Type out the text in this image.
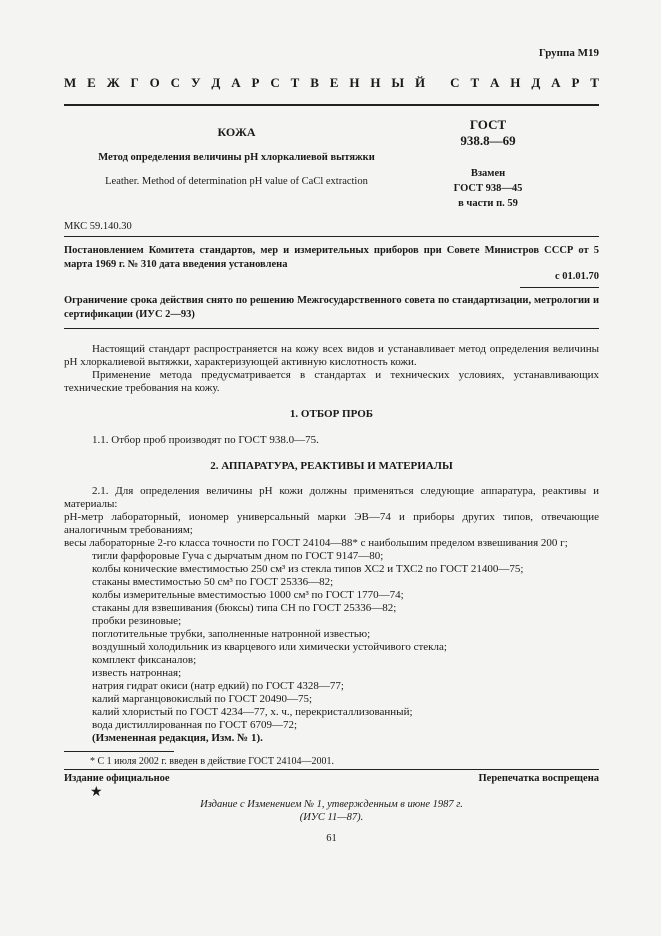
Группа М19
М Е Ж Г О С У Д А Р С Т В Е Н Н Ы Й
С Т А Н Д А Р Т
КОЖА
Метод определения величины pH хлоркалиевой вытяжки
Leather. Method of determination pH value of CaCl extraction
ГОСТ
938.8—69
Взамен
ГОСТ 938—45
в части п. 59
МКС 59.140.30
Постановлением Комитета стандартов, мер и измерительных приборов при Совете Министров СССР от 5 марта 1969 г. № 310 дата введения установлена
с 01.01.70
Ограничение срока действия снято по решению Межгосударственного совета по стандартизации, метрологии и сертификации (ИУС 2—93)

Настоящий стандарт распространяется на кожу всех видов и устанавливает метод определения величины pH хлоркалиевой вытяжки, характеризующей активную кислотность кожи.

Применение метода предусматривается в стандартах и технических условиях, устанавливающих технические требования на кожу.

1. ОТБОР ПРОБ

1.1. Отбор проб производят по ГОСТ 938.0—75.

2. АППАРАТУРА, РЕАКТИВЫ И МАТЕРИАЛЫ

2.1. Для определения величины pH кожи должны применяться следующие аппаратура, реактивы и материалы:

pH-метр лабораторный, иономер универсальный марки ЭВ—74 и приборы других типов, отвечающие аналогичным требованиям;

весы лабораторные 2-го класса точности по ГОСТ 24104—88* с наибольшим пределом взвешивания 200 г;

тигли фарфоровые Гуча с дырчатым дном по ГОСТ 9147—80;

колбы конические вместимостью 250 см³ из стекла типов ХС2 и ТХС2 по ГОСТ 21400—75;

стаканы вместимостью 50 см³ по ГОСТ 25336—82;

колбы измерительные вместимостью 1000 см³ по ГОСТ 1770—74;

стаканы для взвешивания (бюксы) типа СН по ГОСТ 25336—82;

пробки резиновые;

поглотительные трубки, заполненные натронной известью;

воздушный холодильник из кварцевого или химически устойчивого стекла;

комплект фиксаналов;

известь натронная;

натрия гидрат окиси (натр едкий) по ГОСТ 4328—77;

калий марганцовокислый по ГОСТ 20490—75;

калий хлористый по ГОСТ 4234—77, х. ч., перекристаллизованный;

вода дистиллированная по ГОСТ 6709—72;

(Измененная редакция, Изм. № 1).

* С 1 июля 2002 г. введен в действие ГОСТ 24104—2001.
Издание официальное	Перепечатка воспрещена
★
Издание с Изменением № 1, утвержденным в июне 1987 г.
(ИУС 11—87).
61
